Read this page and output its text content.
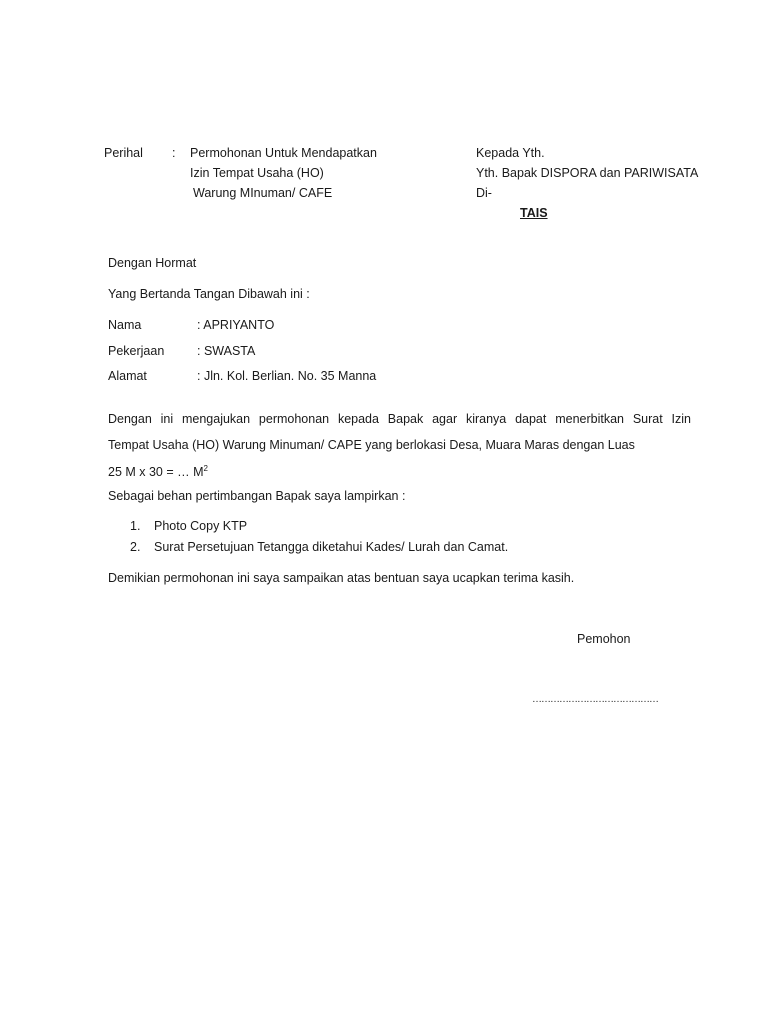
Perihal : Permohonan Untuk Mendapatkan
Izin Tempat Usaha (HO)
Warung MInuman/ CAFE
Kepada Yth.
Yth. Bapak DISPORA dan PARIWISATA
Di-
TAIS
Dengan Hormat
Yang Bertanda Tangan Dibawah ini :
Nama	: APRIYANTO
Pekerjaan	: SWASTA
Alamat	: Jln. Kol. Berlian. No. 35 Manna
Dengan ini mengajukan permohonan kepada Bapak agar kiranya dapat menerbitkan Surat Izin
Tempat Usaha (HO) Warung Minuman/ CAPE yang berlokasi Desa, Muara Maras dengan Luas
25 M x 30 = … $M^2$
Sebagai behan pertimbangan Bapak saya lampirkan :
1. Photo Copy KTP
2. Surat Persetujuan Tetangga diketahui Kades/ Lurah dan Camat.
Demikian permohonan ini saya sampaikan atas bentuan saya ucapkan terima kasih.
Pemohon
……………………………………
